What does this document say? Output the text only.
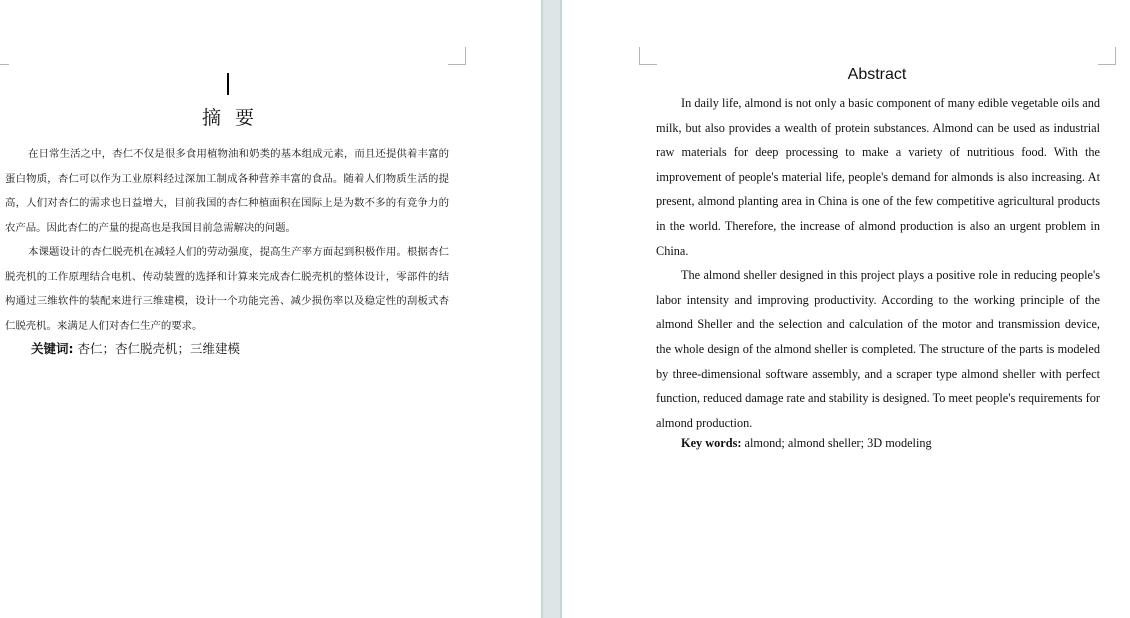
摘要

在日常生活之中，杏仁不仅是很多食用植物油和奶类的基本组成元素，而且还提供着丰富的蛋白物质，杏仁可以作为工业原料经过深加工制成各种营养丰富的食品。随着人们物质生活的提高，人们对杏仁的需求也日益增大，目前我国的杏仁种植面积在国际上是为数不多的有竞争力的农产品。因此杏仁的产量的提高也是我国目前急需解决的问题。

本课题设计的杏仁脱壳机在减轻人们的劳动强度，提高生产率方面起到积极作用。根据杏仁脱壳机的工作原理结合电机、传动装置的选择和计算来完成杏仁脱壳机的整体设计，零部件的结构通过三维软件的装配来进行三维建模，设计一个功能完善、减少损伤率以及稳定性的刮板式杏仁脱壳机。来满足人们对杏仁生产的要求。

关键词: 杏仁；杏仁脱壳机；三维建模
Abstract

In daily life, almond is not only a basic component of many edible vegetable oils and milk, but also provides a wealth of protein substances. Almond can be used as industrial raw materials for deep processing to make a variety of nutritious food. With the improvement of people's material life, people's demand for almonds is also increasing. At present, almond planting area in China is one of the few competitive agricultural products in the world. Therefore, the increase of almond production is also an urgent problem in China.

The almond sheller designed in this project plays a positive role in reducing people's labor intensity and improving productivity. According to the working principle of the almond Sheller and the selection and calculation of the motor and transmission device, the whole design of the almond sheller is completed. The structure of the parts is modeled by three-dimensional software assembly, and a scraper type almond sheller with perfect function, reduced damage rate and stability is designed. To meet people's requirements for almond production.

Key words: almond; almond sheller; 3D modeling
